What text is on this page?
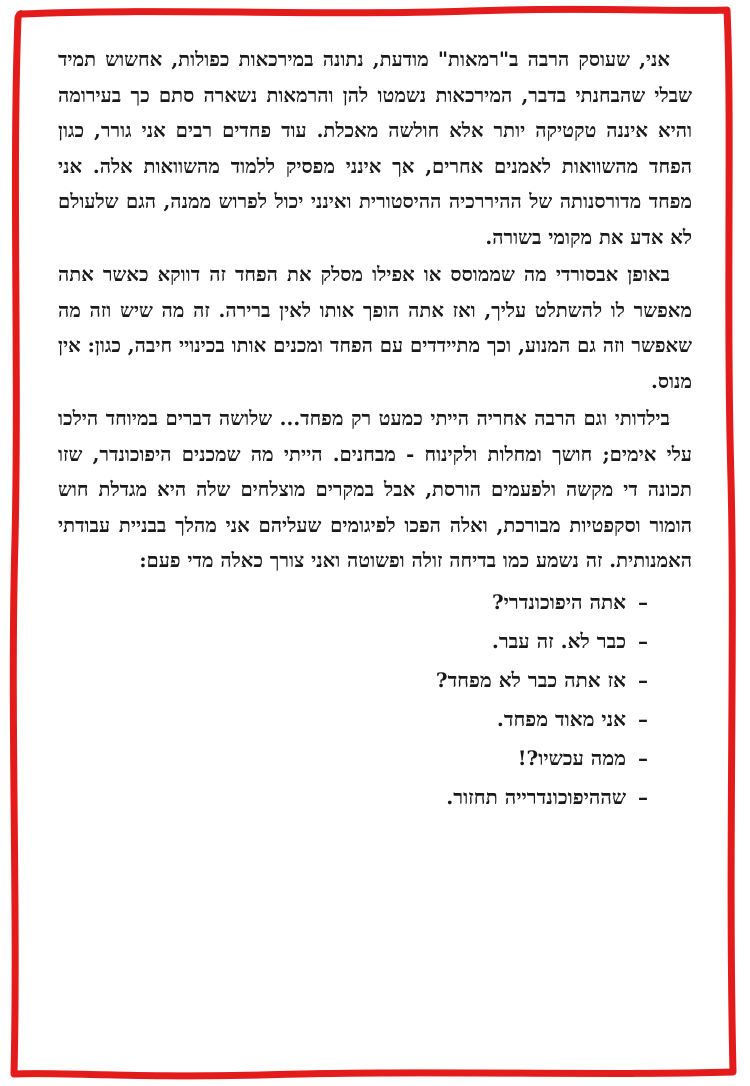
אני, שעוסק הרבה ב"רמאות" מודעת, נתונה במירכאות כפולות, אחשוש תמיד שבלי שהבחנתי בדבר, המירכאות נשמטו להן והרמאות נשארה סתם כך בעירומה והיא איננה טקטיקה יותר אלא חולשה מאכלת. עוד פחדים רבים אני גורר, כגון הפחד מהשוואות לאמנים אחרים, אך אינני מפסיק ללמוד מהשוואות אלה. אני מפחד מדורסנותה של ההיררכיה ההיסטורית ואינני יכול לפרוש ממנה, הגם שלעולם לא אדע את מקומי בשורה.

באופן אבסורדי מה שממוסס או אפילו מסלק את הפחד זה דווקא כאשר אתה מאפשר לו להשתלט עליך, ואז אתה הופך אותו לאין ברירה. זה מה שיש וזה מה שאפשר וזה גם המנוע, וכך מתיידדים עם הפחד ומכנים אותו בכינויי חיבה, כגון: אין מנוס.

בילדותי וגם הרבה אחריה הייתי כמעט רק מפחד... שלושה דברים במיוחד הילכו עלי אימים; חושך ומחלות ולקינוח - מבחנים. הייתי מה שמכנים היפוכונדר, שזו תכונה די מקשה ולפעמים הורסת, אבל במקרים מוצלחים שלה היא מגדלת חוש הומור וסקפטיות מבורכת, ואלה הפכו לפיגומים שעליהם אני מהלך בבניית עבודתי האמנותית. זה נשמע כמו בדיחה זולה ופשוטה ואני צורך כאלה מדי פעם:

–אתה היפוכונדרי?
–כבר לא. זה עבר.
–אז אתה כבר לא מפחד?
–אני מאוד מפחד.
–ממה עכשיו?!
–שההיפוכונדרייה תחזור.
